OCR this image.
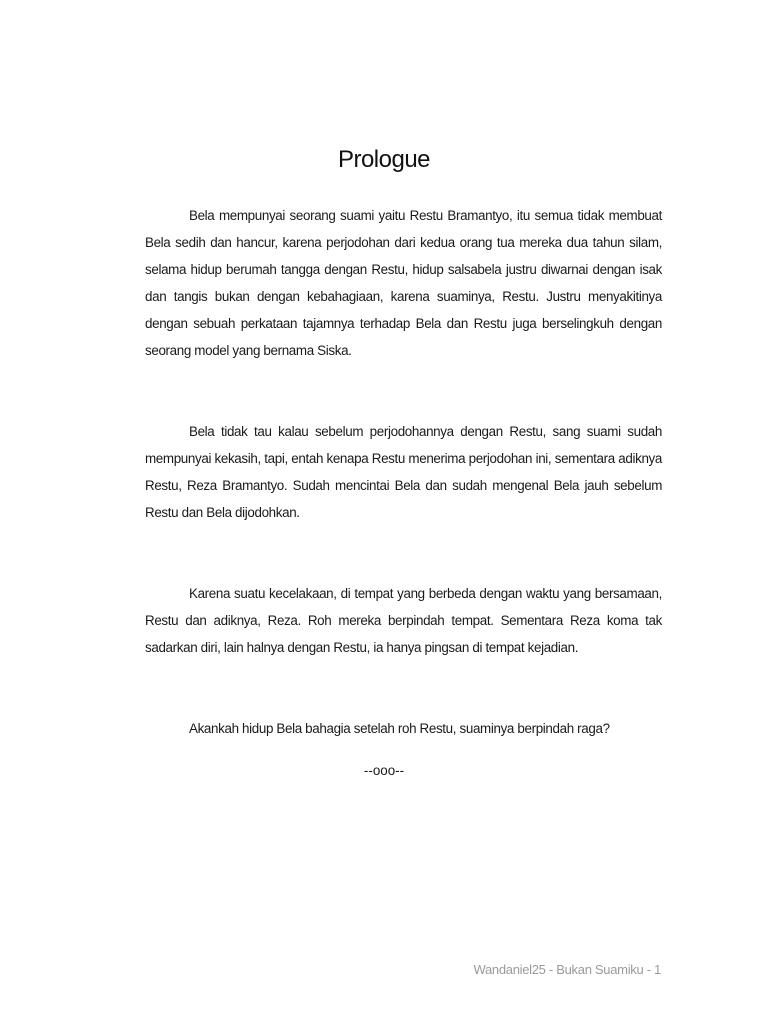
Prologue

Bela mempunyai seorang suami yaitu Restu Bramantyo, itu semua tidak membuat Bela sedih dan hancur, karena perjodohan dari kedua orang tua mereka dua tahun silam, selama hidup berumah tangga dengan Restu, hidup salsabela justru diwarnai dengan isak dan tangis bukan dengan kebahagiaan, karena suaminya, Restu. Justru menyakitinya dengan sebuah perkataan tajamnya terhadap Bela dan Restu juga berselingkuh dengan seorang model yang bernama Siska.

Bela tidak tau kalau sebelum perjodohannya dengan Restu, sang suami sudah mempunyai kekasih, tapi, entah kenapa Restu menerima perjodohan ini, sementara adiknya Restu, Reza Bramantyo. Sudah mencintai Bela dan sudah mengenal Bela jauh sebelum Restu dan Bela dijodohkan.

Karena suatu kecelakaan, di tempat yang berbeda dengan waktu yang bersamaan, Restu dan adiknya, Reza. Roh mereka berpindah tempat. Sementara Reza koma tak sadarkan diri, lain halnya dengan Restu, ia hanya pingsan di tempat kejadian.

Akankah hidup Bela bahagia setelah roh Restu, suaminya berpindah raga?

--ooo--

Wandaniel25 - Bukan Suamiku - 1
